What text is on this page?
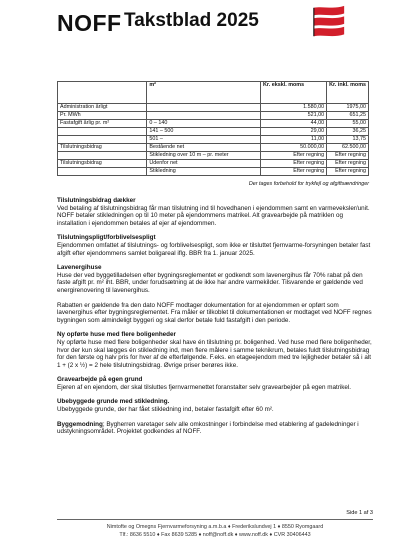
NOFF Takstblad 2025
	m²	Kr. ekskl. moms	Kr. inkl. moms
Administration årligt		1.580,00	1975,00
Pr. MWh		521,00	651,25
Fastafgift årlig pr. m²	0 – 140	44,00	55,00
	141 – 500	29,00	36,25
	501 –	11,00	13,75
Tilslutningsbidrag	Bestående net	50.000,00	62.500,00
	Stikledning over 10 m – pr. meter	Efter regning	Efter regning
Tilslutningsbidrag	Udenfor net	Efter regning	Efter regning
	Stikledning	Efter regning	Efter regning
Der tages forbehold for trykfejl og afgiftsændringer
Tilslutningsbidrag dækker

Ved betaling af tilslutningsbidrag får man tilslutning ind til hovedhanen i ejendommen samt en varmeveksler/unit.

NOFF betaler stikledningen op til 10 meter på ejendommens matrikel. Alt gravearbejde på matriklen og installation i ejendommen betales af ejer af ejendommen.

Tilslutningspligt/forblivelsespligt

Ejendommen omfattet af tilslutnings- og forblivelsespligt, som ikke er tilsluttet fjernvarme-forsyningen betaler fast afgift efter ejendommens samlet boligareal iflg. BBR fra 1. januar 2025.

Lavenergihuse

Huse der ved byggetilladelsen efter bygningsreglementet er godkendt som lavenergihus får 70% rabat på den faste afgift pr. m² iht. BBR, under forudsætning at de ikke har andre varmekilder. Tilsvarende er gældende ved energirenovering til lavenergihus.

Rabatten er gældende fra den dato NOFF modtager dokumentation for at ejendommen er opført som lavenergihus efter bygningsreglementet. Fra måler er tilkoblet til dokumentationen er modtaget ved NOFF regnes bygningen som almindeligt byggeri og skal derfor betale fuld fastafgift i den periode.

Ny opførte huse med flere boligenheder

Ny opførte huse med flere boligenheder skal have én tilslutning pr. boligenhed. Ved huse med flere boligenheder, hvor der kun skal lægges én stikledning ind, men flere målere i samme teknikrum, betales fuldt tilslutningsbidrag for den første og halv pris for hver af de efterfølgende. F.eks. en etageejendom med tre lejligheder betaler så i alt 1 + (2 x ½) = 2 hele tilslutningsbidrag. Øvrige priser berøres ikke.

Gravearbejde på egen grund

Ejeren af en ejendom, der skal tilsluttes fjernvarmenettet foranstalter selv gravearbejder på egen matrikel.

Ubebyggede grunde med stikledning.

Ubebyggede grunde, der har fået stikledning ind, betaler fastafgift efter 60 m².

Byggemodning; Bygherren varetager selv alle omkostninger i forbindelse med etablering af gadeledninger i udstykningsområdet. Projektet godkendes af NOFF.

Side 1 af 3
Nimtofte og Omegns Fjernvarmeforsyning a.m.b.a ♦ Frederikslundvej 1 ♦ 8550 Ryomgaard
Tlf.: 8636 5510 ♦ Fax 8639 5285 ♦ noff@noff.dk ♦ www.noff.dk ♦ CVR 30406443
